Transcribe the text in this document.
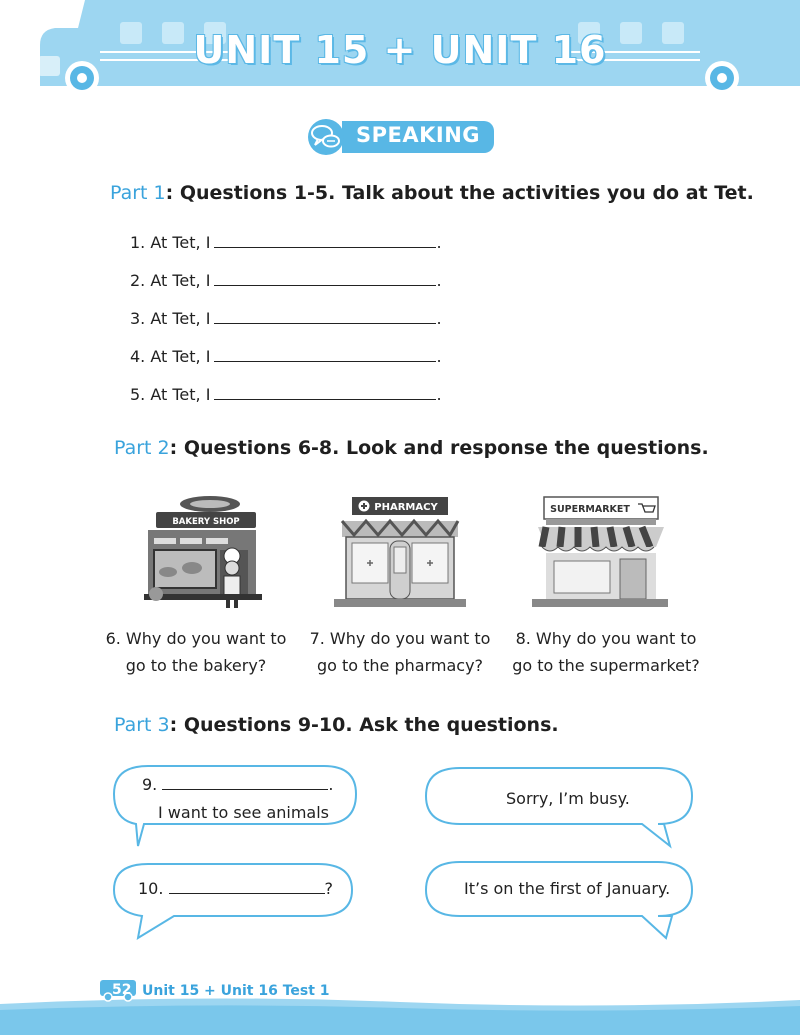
UNIT 15 + UNIT 16
SPEAKING
Part 1: Questions 1-5. Talk about the activities you do at Tet.
1. At Tet, I	.
2. At Tet, I	.
3. At Tet, I	.
4. At Tet, I	.
5. At Tet, I	.
Part 2: Questions 6-8. Look and response the questions.
BAKERY SHOP
6. Why do you want to
go to the bakery?
PHARMACY
7. Why do you want to
go to the pharmacy?
SUPERMARKET
8. Why do you want to
go to the supermarket?
Part 3: Questions 9-10. Ask the questions.
9.	.
I want to see animals
Sorry, I’m busy.
10.	?	It’s on the first of January.
52 Unit 15 + Unit 16 Test 1
